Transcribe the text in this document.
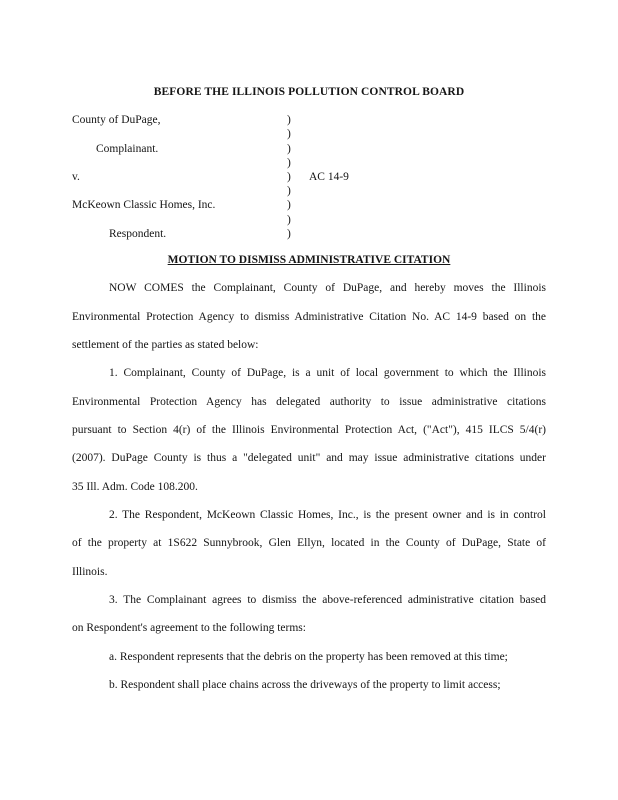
BEFORE THE ILLINOIS POLLUTION CONTROL BOARD
County of DuPage,
Complainant.
v.
McKeown Classic Homes, Inc.
Respondent.
)
)
)
)
)
)
)
)
)
AC 14-9
MOTION TO DISMISS ADMINISTRATIVE CITATION
NOW COMES the Complainant, County of DuPage, and hereby moves the Illinois
Environmental Protection Agency to dismiss Administrative Citation No. AC 14-9 based on the
settlement of the parties as stated below:
1. Complainant, County of DuPage, is a unit of local government to which the Illinois
Environmental Protection Agency has delegated authority to issue administrative citations
pursuant to Section 4(r) of the Illinois Environmental Protection Act, ("Act"), 415 ILCS 5/4(r)
(2007). DuPage County is thus a "delegated unit" and may issue administrative citations under
35 Ill. Adm. Code 108.200.
2. The Respondent, McKeown Classic Homes, Inc., is the present owner and is in control
of the property at 1S622 Sunnybrook, Glen Ellyn, located in the County of DuPage, State of
Illinois.
3. The Complainant agrees to dismiss the above-referenced administrative citation based
on Respondent's agreement to the following terms:
a. Respondent represents that the debris on the property has been removed at this time;
b. Respondent shall place chains across the driveways of the property to limit access;
